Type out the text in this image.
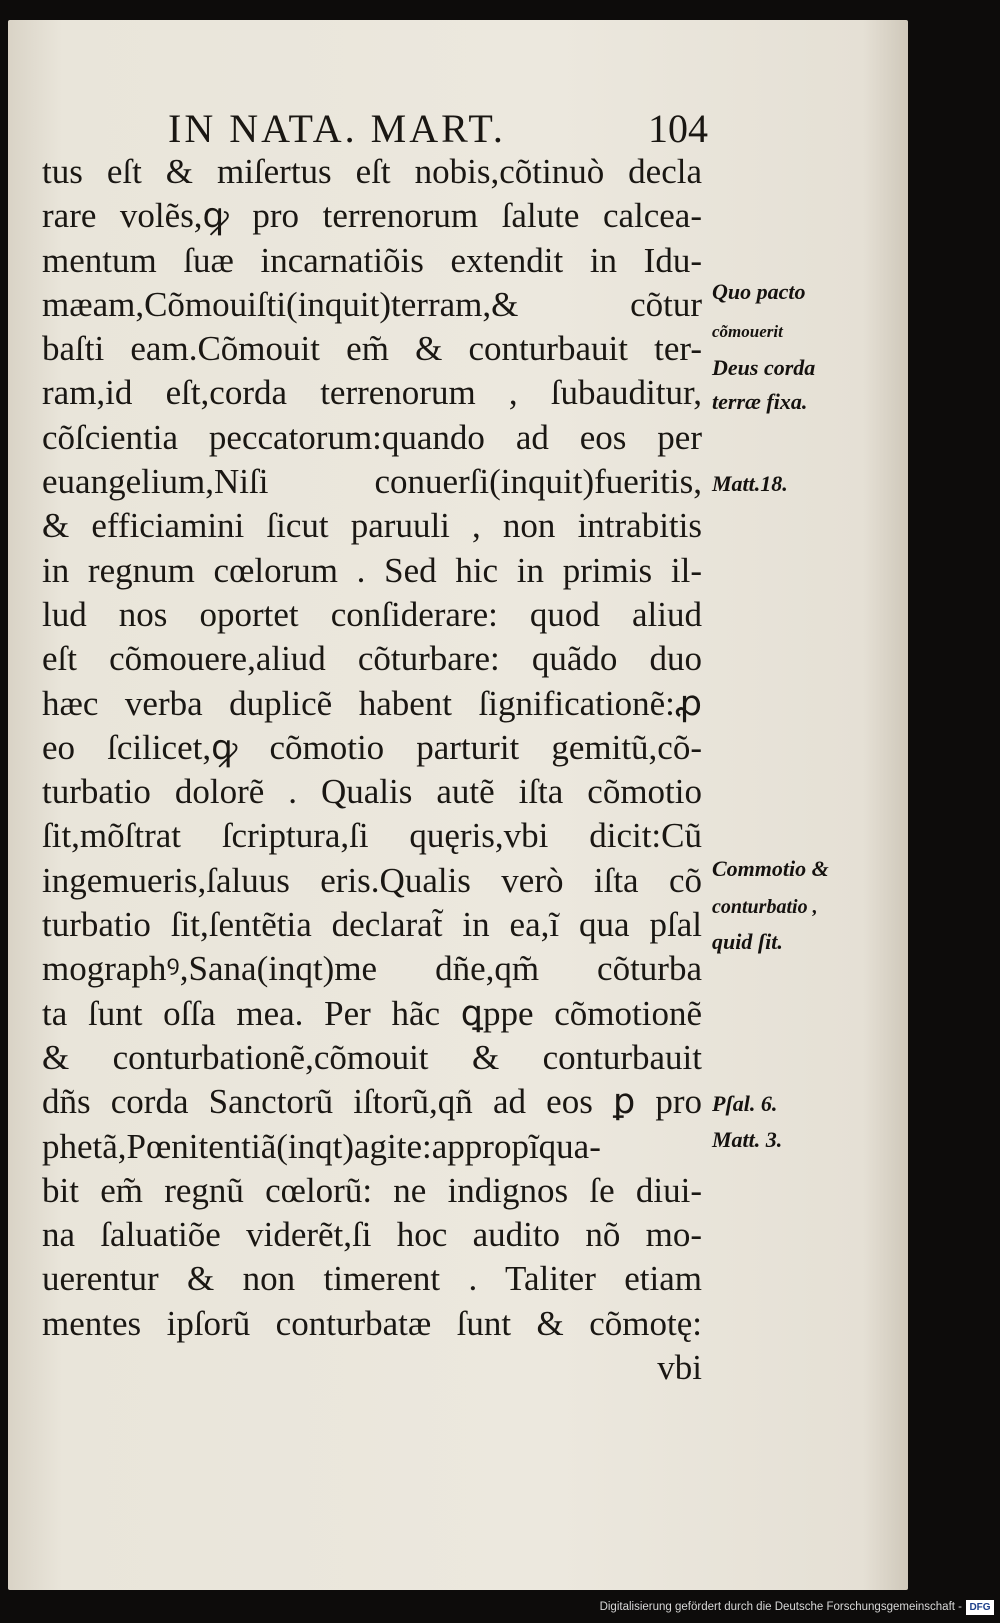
IN NATA. MART.	104
tus eſt & miſertus eſt nobis,cõtinuò decla
rare volẽs,ꝙ pro terrenorum ſalute calcea-
mentum ſuæ incarnatiõis extendit in Idu-
mæam,Cõmouiſti(inquit)terram,& cõtur
baſti eam.Cõmouit em̃ & conturbauit ter-
ram,id eſt,corda terrenorum , ſubauditur,
cõſcientia peccatorum:quando ad eos per
euangelium,Niſi conuerſi(inquit)fueritis,
& efficiamini ſicut paruuli , non intrabitis
in regnum cœlorum . Sed hic in primis il-
lud nos oportet conſiderare: quod aliud
eſt cõmouere,aliud cõturbare: quãdo duo
hæc verba duplicẽ habent ſignificationẽ:ꝓ
eo ſcilicet,ꝙ cõmotio parturit gemitũ,cõ-
turbatio dolorẽ . Qualis autẽ iſta cõmotio
ſit,mõſtrat ſcriptura,ſi quęris,vbi dicit:Cũ
ingemueris,ſaluus eris.Qualis verò iſta cõ
turbatio ſit,ſentẽtia declarat̃ in ea,ĩ qua pſal
mographꝰ,Sana(inqt)me dñe,qm̃ cõturba
ta ſunt oſſa mea. Per hãc ꝗppe cõmotionẽ
& conturbationẽ,cõmouit & conturbauit
dñs corda Sanctorũ iſtorũ,qñ ad eos ꝑ pro
phetã,Pœnitentiã(inqt)agite:appropĩqua-
bit em̃ regnũ cœlorũ: ne indignos ſe diui-
na ſaluatiõe viderẽt,ſi hoc audito nõ mo-
uerentur & non timerent . Taliter etiam
mentes ipſorũ conturbatæ ſunt & cõmotę:
vbi
Quo pacto
cõmouerit
Deus corda
terræ fixa.
Matt.18.
Commotio &
conturbatio ,
quid ſit.
Pſal. 6.
Matt. 3.
Digitalisierung gefördert durch die Deutsche Forschungsgemeinschaft - DFG
